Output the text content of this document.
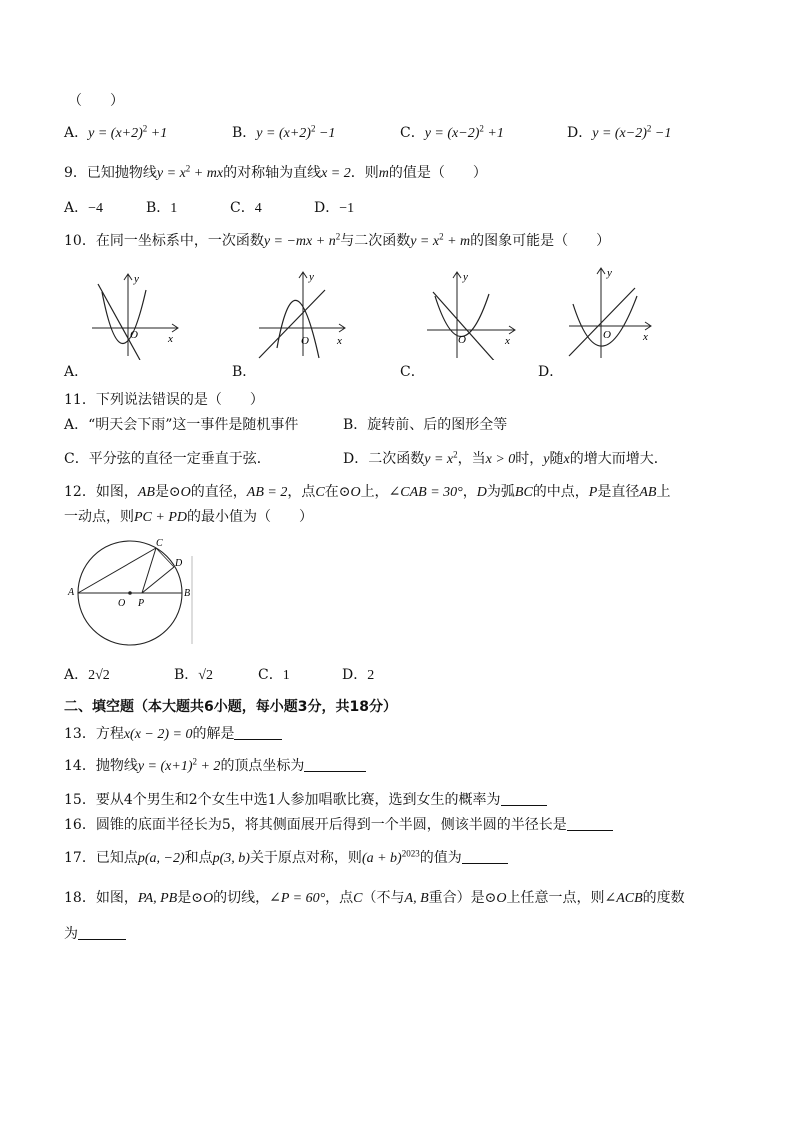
（　　）
A．$y = (x+2)^2 +1$	B．$y = (x+2)^2 -1$	C．$y = (x-2)^2 +1$	D．$y = (x-2)^2 -1$
9．已知抛物线$y = x^2$ + mx的对称轴为直线x = 2．则m的值是（　　）
A．−4	B．1	C．4	D．−1
10．在同一坐标系中，一次函数$y = -mx + n^2$与二次函数$y = x^2 + m$的图象可能是（　　）
y
x
O
y
x
O
y
x
O
y
x
O
A．	B．	C．	D．
11．下列说法错误的是（　　）
A．“明天会下雨”这一事件是随机事件	B．旋转前、后的图形全等
C．平分弦的直径一定垂直于弦．	D．二次函数$y = x^2$，当x > 0时，y随x的增大而增大．
12．如图，AB是⊙O的直径，AB = 2，点C在⊙O上，∠CAB = 30°，D为弧BC的中点，P是直径AB上
一动点，则PC + PD的最小值为（　　）
A	B
C
D
O P
A．2√2	B．√2	C．1	D．2
二、填空题（本大题共6小题，每小题3分，共18分）
13．方程x(x − 2) = 0的解是
14．抛物线$y = (x+1)^2 + 2$的顶点坐标为
15．要从4个男生和2个女生中选1人参加唱歌比赛，选到女生的概率为
16．圆锥的底面半径长为5，将其侧面展开后得到一个半圆，侧该半圆的半径长是
17．已知点p(a, −2)和点p(3, b)关于原点对称，则$(a + b)^{2023}$的值为
18．如图，PA, PB是⊙O的切线，∠P = 60°，点C（不与A, B重合）是⊙O上任意一点，则∠ACB的度数
为
